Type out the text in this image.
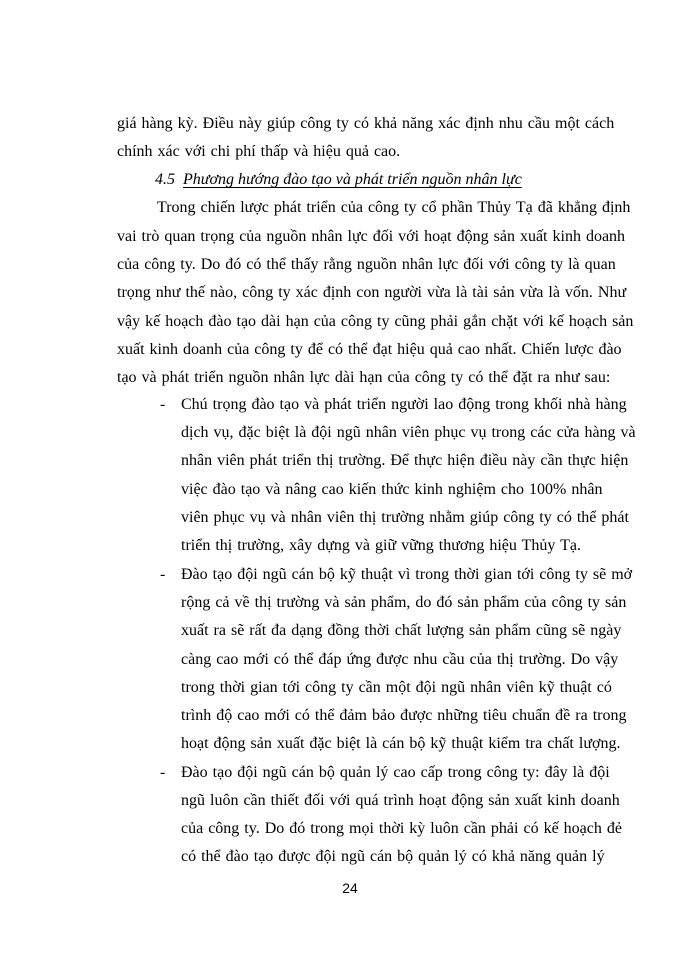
giá hàng kỳ. Điều này giúp công ty có khả năng xác định nhu cầu một cách
chính xác với chi phí thấp và hiệu quả cao.
4.5 Phương hướng đào tạo và phát triển nguồn nhân lực
Trong chiến lược phát triển của công ty cổ phần Thủy Tạ đã khẳng định
vai trò quan trọng của nguồn nhân lực đối với hoạt động sản xuất kinh doanh
của công ty. Do đó có thể thấy rằng nguồn nhân lực đối với công ty là quan
trọng như thế nào, công ty xác định con người vừa là tài sản vừa là vốn. Như
vậy kế hoạch đào tạo dài hạn của công ty cũng phải gắn chặt với kế hoạch sản
xuất kinh doanh của công ty để có thể đạt hiệu quả cao nhất. Chiến lược đào
tạo và phát triển nguồn nhân lực dài hạn của công ty có thể đặt ra như sau:
- Chú trọng đào tạo và phát triển người lao động trong khối nhà hàng
dịch vụ, đặc biệt là đội ngũ nhân viên phục vụ trong các cửa hàng và
nhân viên phát triển thị trường. Để thực hiện điều này cần thực hiện
việc đào tạo và nâng cao kiến thức kinh nghiệm cho 100% nhân
viên phục vụ và nhân viên thị trường nhằm giúp công ty có thể phát
triển thị trường, xây dựng và giữ vững thương hiệu Thủy Tạ.
- Đào tạo đội ngũ cán bộ kỹ thuật vì trong thời gian tới công ty sẽ mở
rộng cả về thị trường và sản phẩm, do đó sản phẩm của công ty sản
xuất ra sẽ rất đa dạng đồng thời chất lượng sản phẩm cũng sẽ ngày
càng cao mới có thể đáp ứng được nhu cầu của thị trường. Do vậy
trong thời gian tới công ty cần một đội ngũ nhân viên kỹ thuật có
trình độ cao mới có thể đảm bảo được những tiêu chuẩn đề ra trong
hoạt động sản xuất đặc biệt là cán bộ kỹ thuật kiểm tra chất lượng.
- Đào tạo đội ngũ cán bộ quản lý cao cấp trong công ty: đây là đội
ngũ luôn cần thiết đối với quá trình hoạt động sản xuất kinh doanh
của công ty. Do đó trong mọi thời kỳ luôn cần phải có kế hoạch đẻ
có thể đào tạo được đội ngũ cán bộ quản lý có khả năng quản lý
24
